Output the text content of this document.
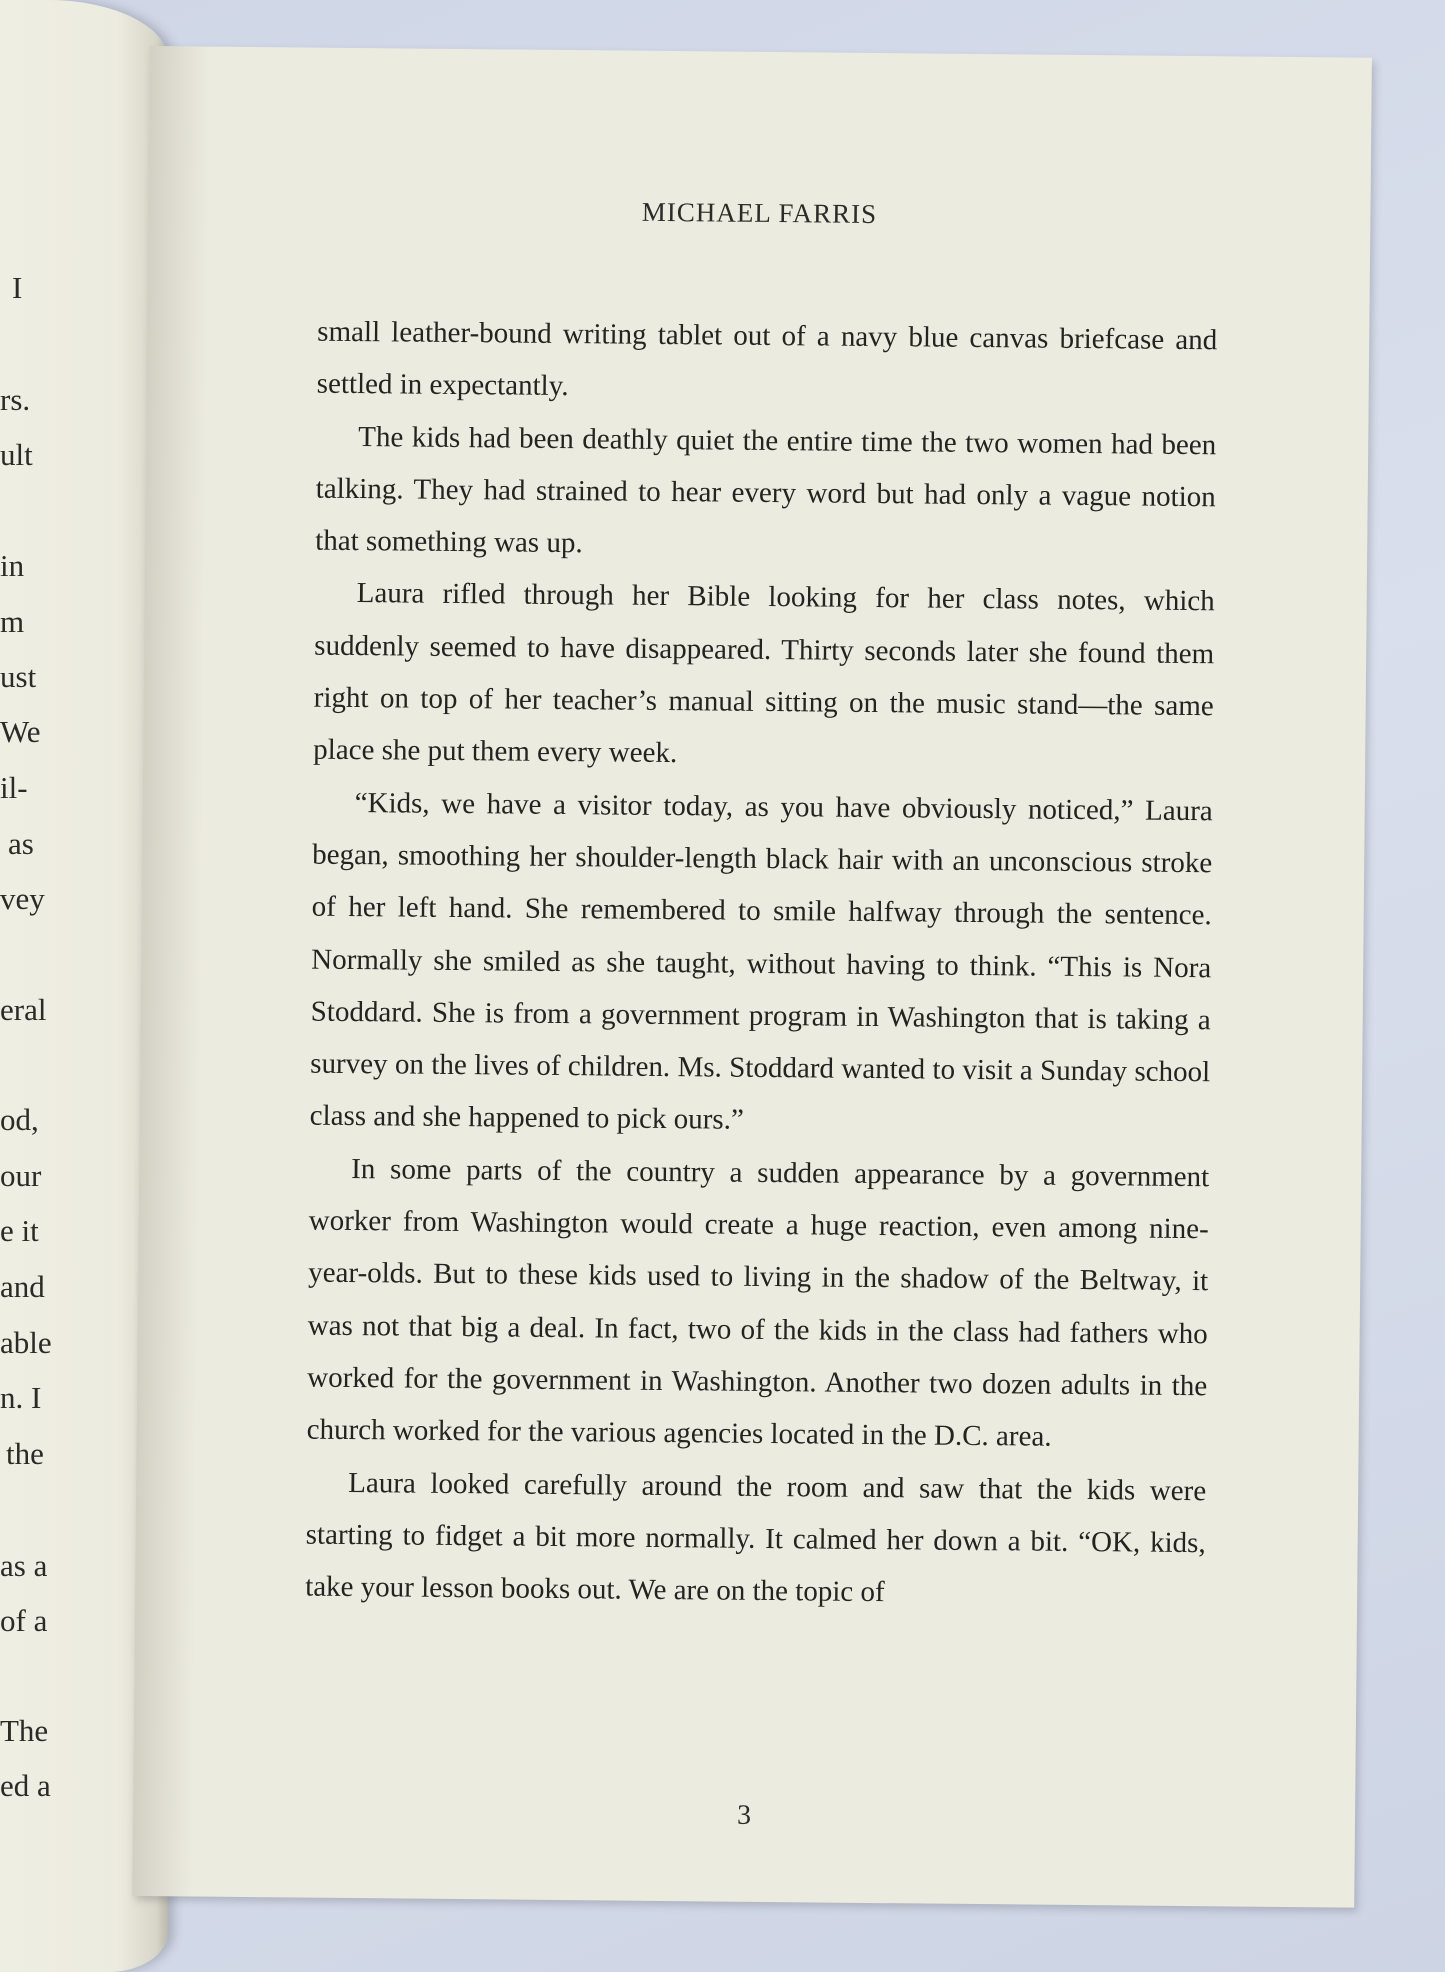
I
rs.
ult
in
m
ust
We
il-
as
vey
eral
od,
our
e it
and
able
n. I
the
as a
of a
The
ed a
MICHAEL FARRIS

small leather-bound writing tablet out of a navy blue canvas briefcase and settled in expectantly.

The kids had been deathly quiet the entire time the two women had been talking. They had strained to hear every word but had only a vague notion that something was up.

Laura rifled through her Bible looking for her class notes, which suddenly seemed to have disappeared. Thirty seconds later she found them right on top of her teacher’s manual sitting on the music stand—the same place she put them every week.

“Kids, we have a visitor today, as you have obviously noticed,” Laura began, smoothing her shoulder-length black hair with an unconscious stroke of her left hand. She remembered to smile halfway through the sentence. Normally she smiled as she taught, without having to think. “This is Nora Stoddard. She is from a government program in Washington that is taking a survey on the lives of children. Ms. Stoddard wanted to visit a Sunday school class and she happened to pick ours.”

In some parts of the country a sudden appearance by a government worker from Washington would create a huge reaction, even among nine-year-olds. But to these kids used to living in the shadow of the Beltway, it was not that big a deal. In fact, two of the kids in the class had fathers who worked for the government in Washington. Another two dozen adults in the church worked for the various agencies located in the D.C. area.

Laura looked carefully around the room and saw that the kids were starting to fidget a bit more normally. It calmed her down a bit. “OK, kids, take your lesson books out. We are on the topic of

3
